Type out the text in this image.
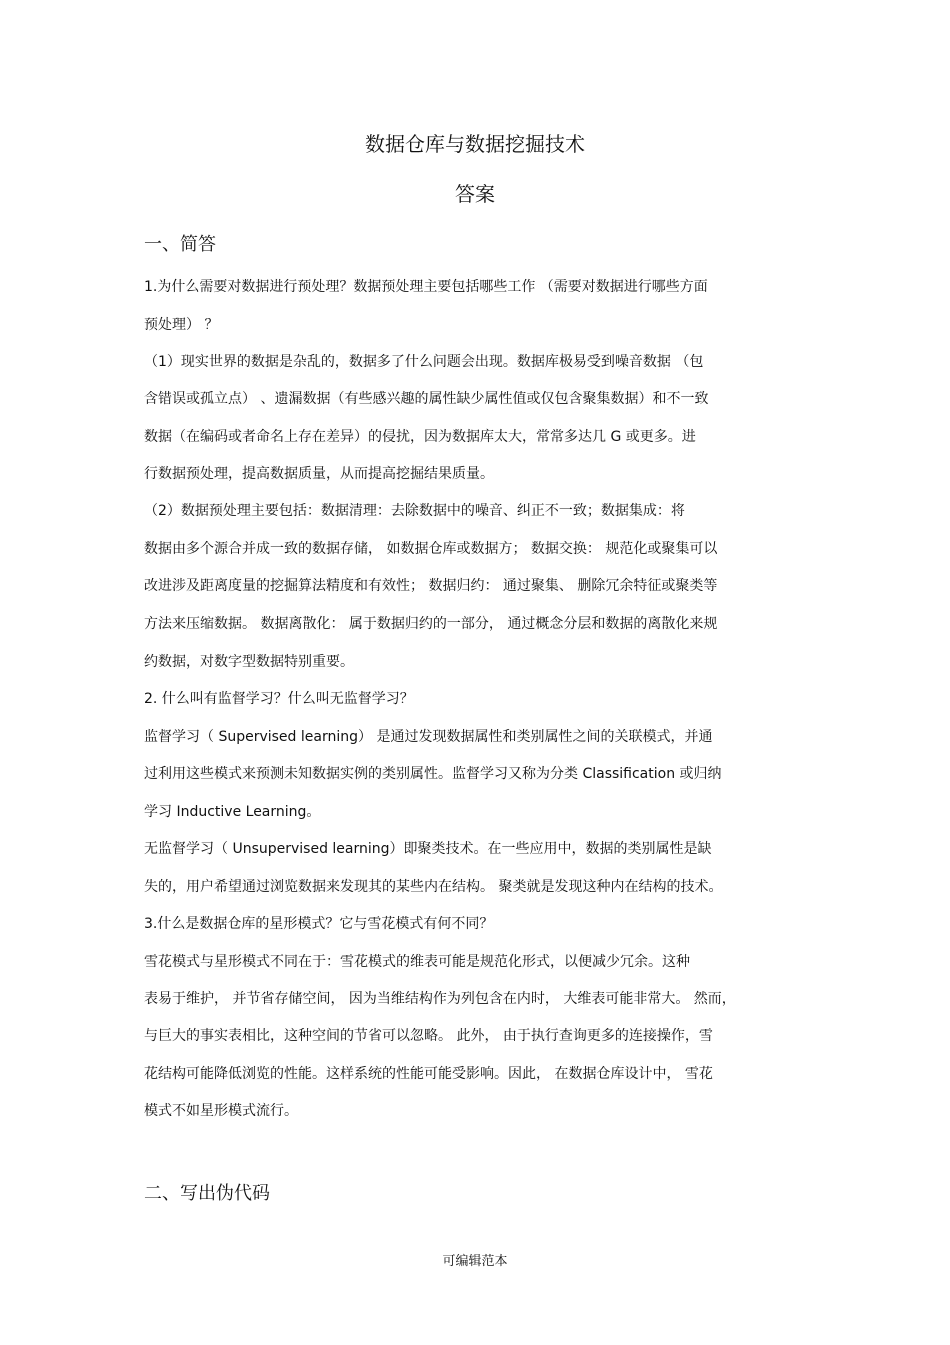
数据仓库与数据挖掘技术
答案
一、简答
1.为什么需要对数据进行预处理？数据预处理主要包括哪些工作 （需要对数据进行哪些方面
预处理） ？
（1）现实世界的数据是杂乱的，数据多了什么问题会出现。数据库极易受到噪音数据 （包
含错误或孤立点） 、遗漏数据（有些感兴趣的属性缺少属性值或仅包含聚集数据）和不一致
数据（在编码或者命名上存在差异）的侵扰，因为数据库太大，常常多达几 G 或更多。进
行数据预处理，提高数据质量，从而提高挖掘结果质量。
（2）数据预处理主要包括：数据清理：去除数据中的噪音、纠正不一致；数据集成：将
数据由多个源合并成一致的数据存储， 如数据仓库或数据方； 数据交换： 规范化或聚集可以
改进涉及距离度量的挖掘算法精度和有效性； 数据归约： 通过聚集、 删除冗余特征或聚类等
方法来压缩数据。 数据离散化： 属于数据归约的一部分， 通过概念分层和数据的离散化来规
约数据，对数字型数据特别重要。
2. 什么叫有监督学习？什么叫无监督学习？
监督学习（ Supervised learning） 是通过发现数据属性和类别属性之间的关联模式，并通
过利用这些模式来预测未知数据实例的类别属性。监督学习又称为分类 Classification 或归纳
学习 Inductive Learning。
无监督学习（ Unsupervised learning）即聚类技术。在一些应用中，数据的类别属性是缺
失的，用户希望通过浏览数据来发现其的某些内在结构。 聚类就是发现这种内在结构的技术。
3.什么是数据仓库的星形模式？它与雪花模式有何不同？
雪花模式与星形模式不同在于：雪花模式的维表可能是规范化形式，以便减少冗余。这种
表易于维护， 并节省存储空间， 因为当维结构作为列包含在内时， 大维表可能非常大。 然而，
与巨大的事实表相比，这种空间的节省可以忽略。 此外， 由于执行查询更多的连接操作，雪
花结构可能降低浏览的性能。这样系统的性能可能受影响。因此， 在数据仓库设计中， 雪花
模式不如星形模式流行。
二、写出伪代码
可编辑范本
